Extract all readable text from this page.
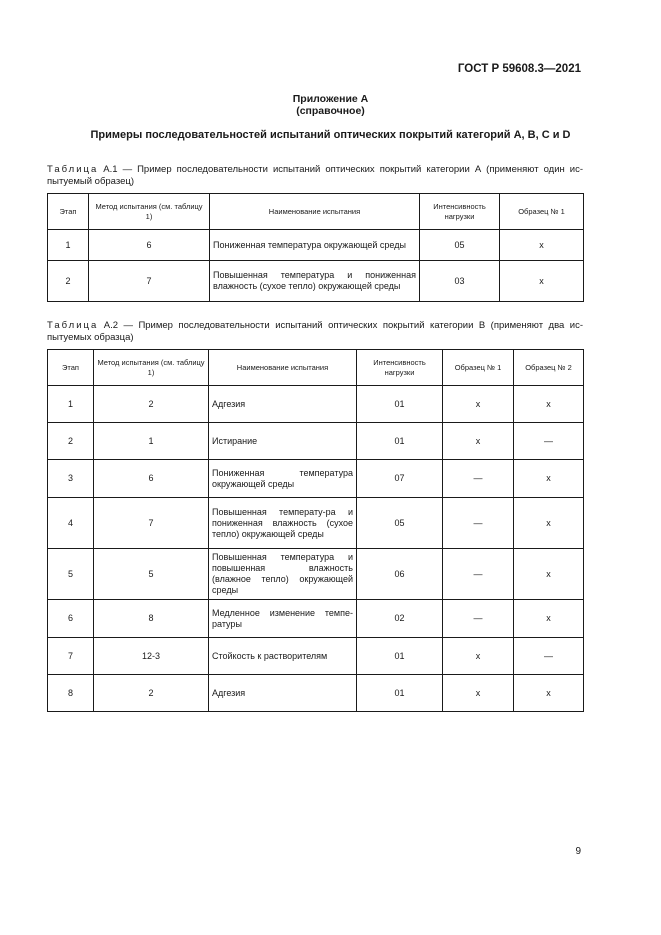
ГОСТ Р 59608.3—2021
Приложение А
(справочное)
Примеры последовательностей испытаний оптических покрытий категорий A, B, C и D
Таблица А.1 — Пример последовательности испытаний оптических покрытий категории А (применяют один ис-пытуемый образец)
Этап	Метод испытания (см. таблицу 1)	Наименование испытания	Интенсивность нагрузки	Образец № 1
1	6	Пониженная температура окружающей среды	05	x
2	7	Повышенная температура и пониженная влажность (сухое тепло) окружающей среды	03	x
Таблица А.2 — Пример последовательности испытаний оптических покрытий категории В (применяют два ис-пытуемых образца)
Этап	Метод испытания (см. таблицу 1)	Наименование испытания	Интенсивность нагрузки	Образец № 1	Образец № 2
1	2	Адгезия	01	x	x
2	1	Истирание	01	x	—
3	6	Пониженная температура окружающей среды	07	—	x
4	7	Повышенная температу-ра и пониженная влажность (сухое тепло) окружающей среды	05	—	x
5	5	Повышенная температура и повышенная влажность (влажное тепло) окружающей среды	06	—	x
6	8	Медленное изменение темпе-ратуры	02	—	x
7	12-3	Стойкость к растворителям	01	x	—
8	2	Адгезия	01	x	x
9
